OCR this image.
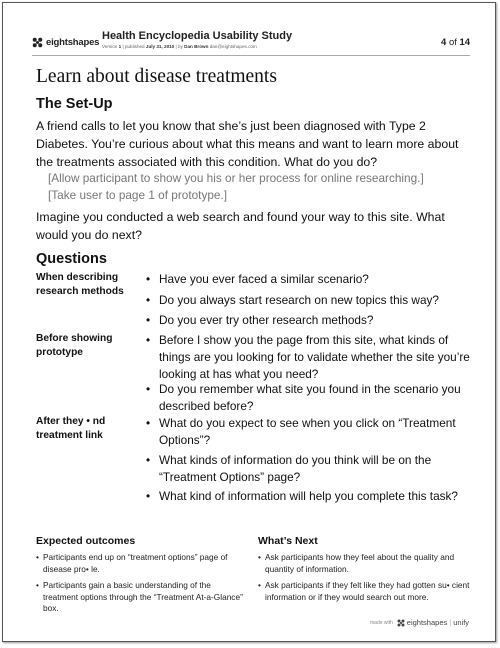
eightshapes
Health Encyclopedia Usability Study
Version 1 | published July 31, 2010 | by Dan Brown dan@eightshapes.com	4 of 14
Learn about disease treatments
The Set-Up
A friend calls to let you know that she’s just been diagnosed with Type 2 Diabetes. You’re curious about what this means and want to learn more about the treatments associated with this condition. What do you do?
[Allow participant to show you his or her process for online researching.]
[Take user to page 1 of prototype.]
Imagine you conducted a web search and found your way to this site. What would you do next?
Questions
When describing research methods
• Have you ever faced a similar scenario?
• Do you always start research on new topics this way?
• Do you ever try other research methods?
Before showing prototype
• Before I show you the page from this site, what kinds of things are you looking for to validate whether the site you’re looking at has what you need?
• Do you remember what site you found in the scenario you described before?
After they • nd treatment link
• What do you expect to see when you click on “Treatment Options”?
• What kinds of information do you think will be on the “Treatment Options” page?
• What kind of information will help you complete this task?
Expected outcomes
• Participants end up on “treatment options” page of disease pro• le.
• Participants gain a basic understanding of the treatment options through the “Treatment At-a-Glance” box.
What’s Next
• Ask participants how they feel about the quality and quantity of information.
• Ask participants if they felt like they had gotten su• cient information or if they would search out more.
made with eightshapes | unify
